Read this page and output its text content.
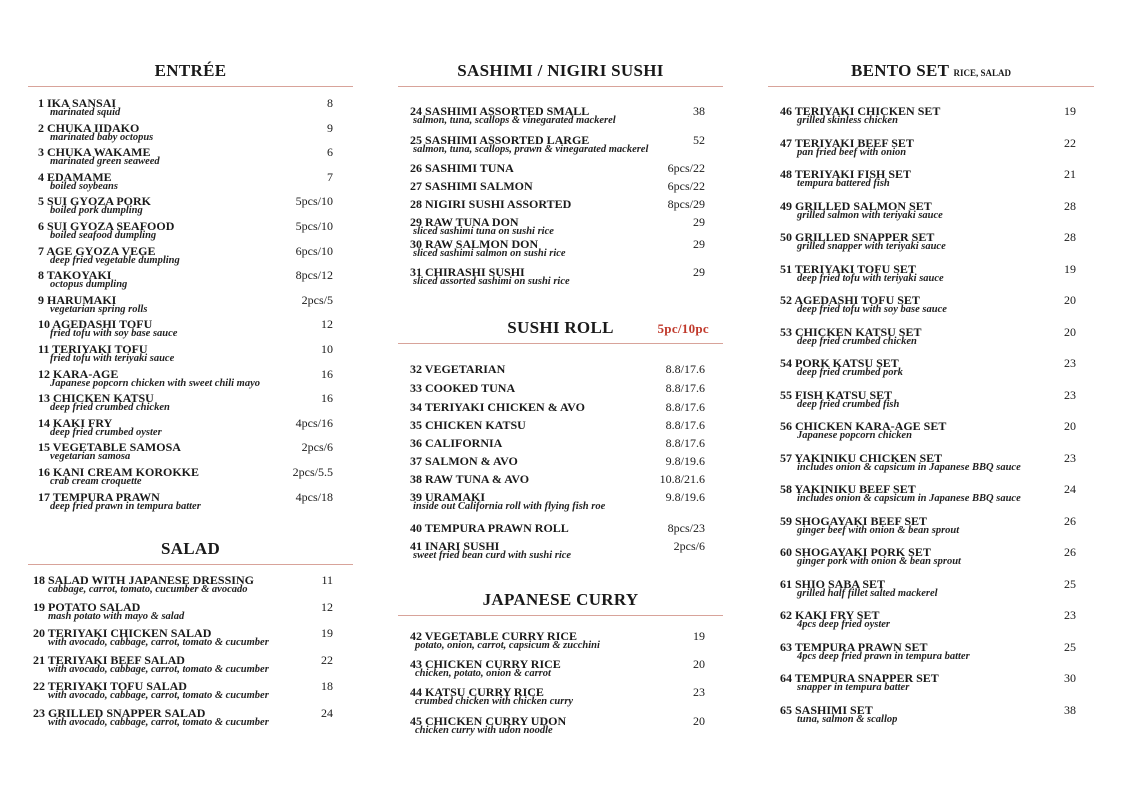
ENTRÉE
1 IKA SANSAI	8
marinated squid
2 CHUKA IIDAKO	9
marinated baby octopus
3 CHUKA WAKAME	6
marinated green seaweed
4 EDAMAME	7
boiled soybeans
5 SUI GYOZA PORK	5pcs/10
boiled pork dumpling
6 SUI GYOZA SEAFOOD	5pcs/10
boiled seafood dumpling
7 AGE GYOZA VEGE	6pcs/10
deep fried vegetable dumpling
8 TAKOYAKI	8pcs/12
octopus dumpling
9 HARUMAKI	2pcs/5
vegetarian spring rolls
10 AGEDASHI TOFU	12
fried tofu with soy base sauce
11 TERIYAKI TOFU	10
fried tofu with teriyaki sauce
12 KARA-AGE	16
Japanese popcorn chicken with sweet chili mayo
13 CHICKEN KATSU	16
deep fried crumbed chicken
14 KAKI FRY	4pcs/16
deep fried crumbed oyster
15 VEGETABLE SAMOSA	2pcs/6
vegetarian samosa
16 KANI CREAM KOROKKE	2pcs/5.5
crab cream croquette
17 TEMPURA PRAWN	4pcs/18
deep fried prawn in tempura batter
SALAD
18 SALAD WITH JAPANESE DRESSING	11
cabbage, carrot, tomato, cucumber & avocado
19 POTATO SALAD	12
mash potato with mayo & salad
20 TERIYAKI CHICKEN SALAD	19
with avocado, cabbage, carrot, tomato & cucumber
21 TERIYAKI BEEF SALAD	22
with avocado, cabbage, carrot, tomato & cucumber
22 TERIYAKI TOFU SALAD	18
with avocado, cabbage, carrot, tomato & cucumber
23 GRILLED SNAPPER SALAD	24
with avocado, cabbage, carrot, tomato & cucumber
SASHIMI / NIGIRI SUSHI
24 SASHIMI ASSORTED SMALL	38
salmon, tuna, scallops & vinegarated mackerel
25 SASHIMI ASSORTED LARGE	52
salmon, tuna, scallops, prawn & vinegarated mackerel
26 SASHIMI TUNA	6pcs/22
27 SASHIMI SALMON	6pcs/22
28 NIGIRI SUSHI ASSORTED	8pcs/29
29 RAW TUNA DON	29
sliced sashimi tuna on sushi rice
30 RAW SALMON DON	29
sliced sashimi salmon on sushi rice
31 CHIRASHI SUSHI	29
sliced assorted sashimi on sushi rice
SUSHI ROLL	5pc/10pc
32 VEGETARIAN	8.8/17.6
33 COOKED TUNA	8.8/17.6
34 TERIYAKI CHICKEN & AVO	8.8/17.6
35 CHICKEN KATSU	8.8/17.6
36 CALIFORNIA	8.8/17.6
37 SALMON & AVO	9.8/19.6
38 RAW TUNA & AVO	10.8/21.6
39 URAMAKI	9.8/19.6
inside out California roll with flying fish roe
40 TEMPURA PRAWN ROLL	8pcs/23
41 INARI SUSHI	2pcs/6
sweet fried bean curd with sushi rice
JAPANESE CURRY
42 VEGETABLE CURRY RICE	19
potato, onion, carrot, capsicum & zucchini
43 CHICKEN CURRY RICE	20
chicken, potato, onion & carrot
44 KATSU CURRY RICE	23
crumbed chicken with chicken curry
45 CHICKEN CURRY UDON	20
chicken curry with udon noodle
BENTO SET RICE, SALAD
46 TERIYAKI CHICKEN SET	19
grilled skinless chicken
47 TERIYAKI BEEF SET	22
pan fried beef with onion
48 TERIYAKI FISH SET	21
tempura battered fish
49 GRILLED SALMON SET	28
grilled salmon with teriyaki sauce
50 GRILLED SNAPPER SET	28
grilled snapper with teriyaki sauce
51 TERIYAKI TOFU SET	19
deep fried tofu with teriyaki sauce
52 AGEDASHI TOFU SET	20
deep fried tofu with soy base sauce
53 CHICKEN KATSU SET	20
deep fried crumbed chicken
54 PORK KATSU SET	23
deep fried crumbed pork
55 FISH KATSU SET	23
deep fried crumbed fish
56 CHICKEN KARA-AGE SET	20
Japanese popcorn chicken
57 YAKINIKU CHICKEN SET	23
includes onion & capsicum in Japanese BBQ sauce
58 YAKINIKU BEEF SET	24
includes onion & capsicum in Japanese BBQ sauce
59 SHOGAYAKI BEEF SET	26
ginger beef with onion & bean sprout
60 SHOGAYAKI PORK SET	26
ginger pork with onion & bean sprout
61 SHIO SABA SET	25
grilled half fillet salted mackerel
62 KAKI FRY SET	23
4pcs deep fried oyster
63 TEMPURA PRAWN SET	25
4pcs deep fried prawn in tempura batter
64 TEMPURA SNAPPER SET	30
snapper in tempura batter
65 SASHIMI SET	38
tuna, salmon & scallop
